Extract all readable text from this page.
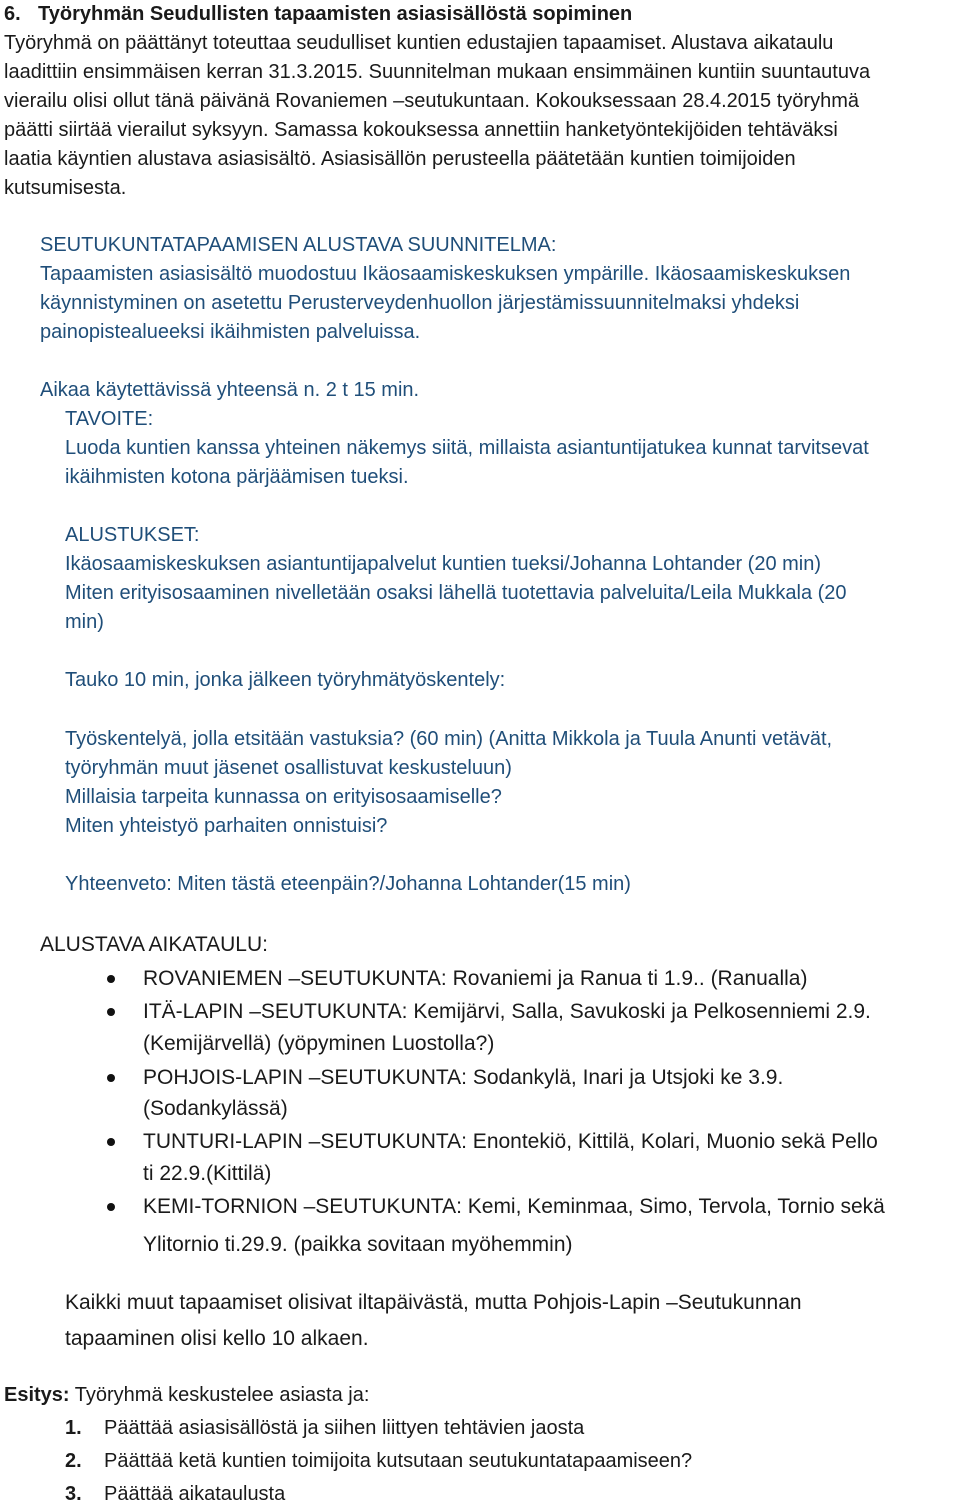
6. Työryhmän Seudullisten tapaamisten asiasisällöstä sopiminen
Työryhmä on päättänyt toteuttaa seudulliset kuntien edustajien tapaamiset. Alustava aikataulu
laadittiin ensimmäisen kerran 31.3.2015. Suunnitelman mukaan ensimmäinen kuntiin suuntautuva
vierailu olisi ollut tänä päivänä Rovaniemen –seutukuntaan. Kokouksessaan 28.4.2015 työryhmä
päätti siirtää vierailut syksyyn. Samassa kokouksessa annettiin hanketyöntekijöiden tehtäväksi
laatia käyntien alustava asiasisältö. Asiasisällön perusteella päätetään kuntien toimijoiden
kutsumisesta.
SEUTUKUNTATAPAAMISEN ALUSTAVA SUUNNITELMA:
Tapaamisten asiasisältö muodostuu Ikäosaamiskeskuksen ympärille. Ikäosaamiskeskuksen
käynnistyminen on asetettu Perusterveydenhuollon järjestämissuunnitelmaksi yhdeksi
painopistealueeksi ikäihmisten palveluissa.
Aikaa käytettävissä yhteensä n. 2 t 15 min.
TAVOITE:
Luoda kuntien kanssa yhteinen näkemys siitä, millaista asiantuntijatukea kunnat tarvitsevat
ikäihmisten kotona pärjäämisen tueksi.
ALUSTUKSET:
Ikäosaamiskeskuksen asiantuntijapalvelut kuntien tueksi/Johanna Lohtander (20 min)
Miten erityisosaaminen nivelletään osaksi lähellä tuotettavia palveluita/Leila Mukkala (20
min)
Tauko 10 min, jonka jälkeen työryhmätyöskentely:
Työskentelyä, jolla etsitään vastuksia? (60 min) (Anitta Mikkola ja Tuula Anunti vetävät,
työryhmän muut jäsenet osallistuvat keskusteluun)
Millaisia tarpeita kunnassa on erityisosaamiselle?
Miten yhteistyö parhaiten onnistuisi?
Yhteenveto: Miten tästä eteenpäin?/Johanna Lohtander(15 min)
ALUSTAVA AIKATAULU:
ROVANIEMEN –SEUTUKUNTA: Rovaniemi ja Ranua ti 1.9.. (Ranualla)
ITÄ-LAPIN –SEUTUKUNTA: Kemijärvi, Salla, Savukoski ja Pelkosenniemi 2.9.
(Kemijärvellä) (yöpyminen Luostolla?)
POHJOIS-LAPIN –SEUTUKUNTA: Sodankylä, Inari ja Utsjoki ke 3.9.
(Sodankylässä)
TUNTURI-LAPIN –SEUTUKUNTA: Enontekiö, Kittilä, Kolari, Muonio sekä Pello
ti 22.9.(Kittilä)
KEMI-TORNION –SEUTUKUNTA: Kemi, Keminmaa, Simo, Tervola, Tornio sekä
Ylitornio ti.29.9. (paikka sovitaan myöhemmin)
Kaikki muut tapaamiset olisivat iltapäivästä, mutta Pohjois-Lapin –Seutukunnan
tapaaminen olisi kello 10 alkaen.
Esitys: Työryhmä keskustelee asiasta ja:
1. Päättää asiasisällöstä ja siihen liittyen tehtävien jaosta
2. Päättää ketä kuntien toimijoita kutsutaan seutukuntatapaamiseen?
3. Päättää aikataulusta
